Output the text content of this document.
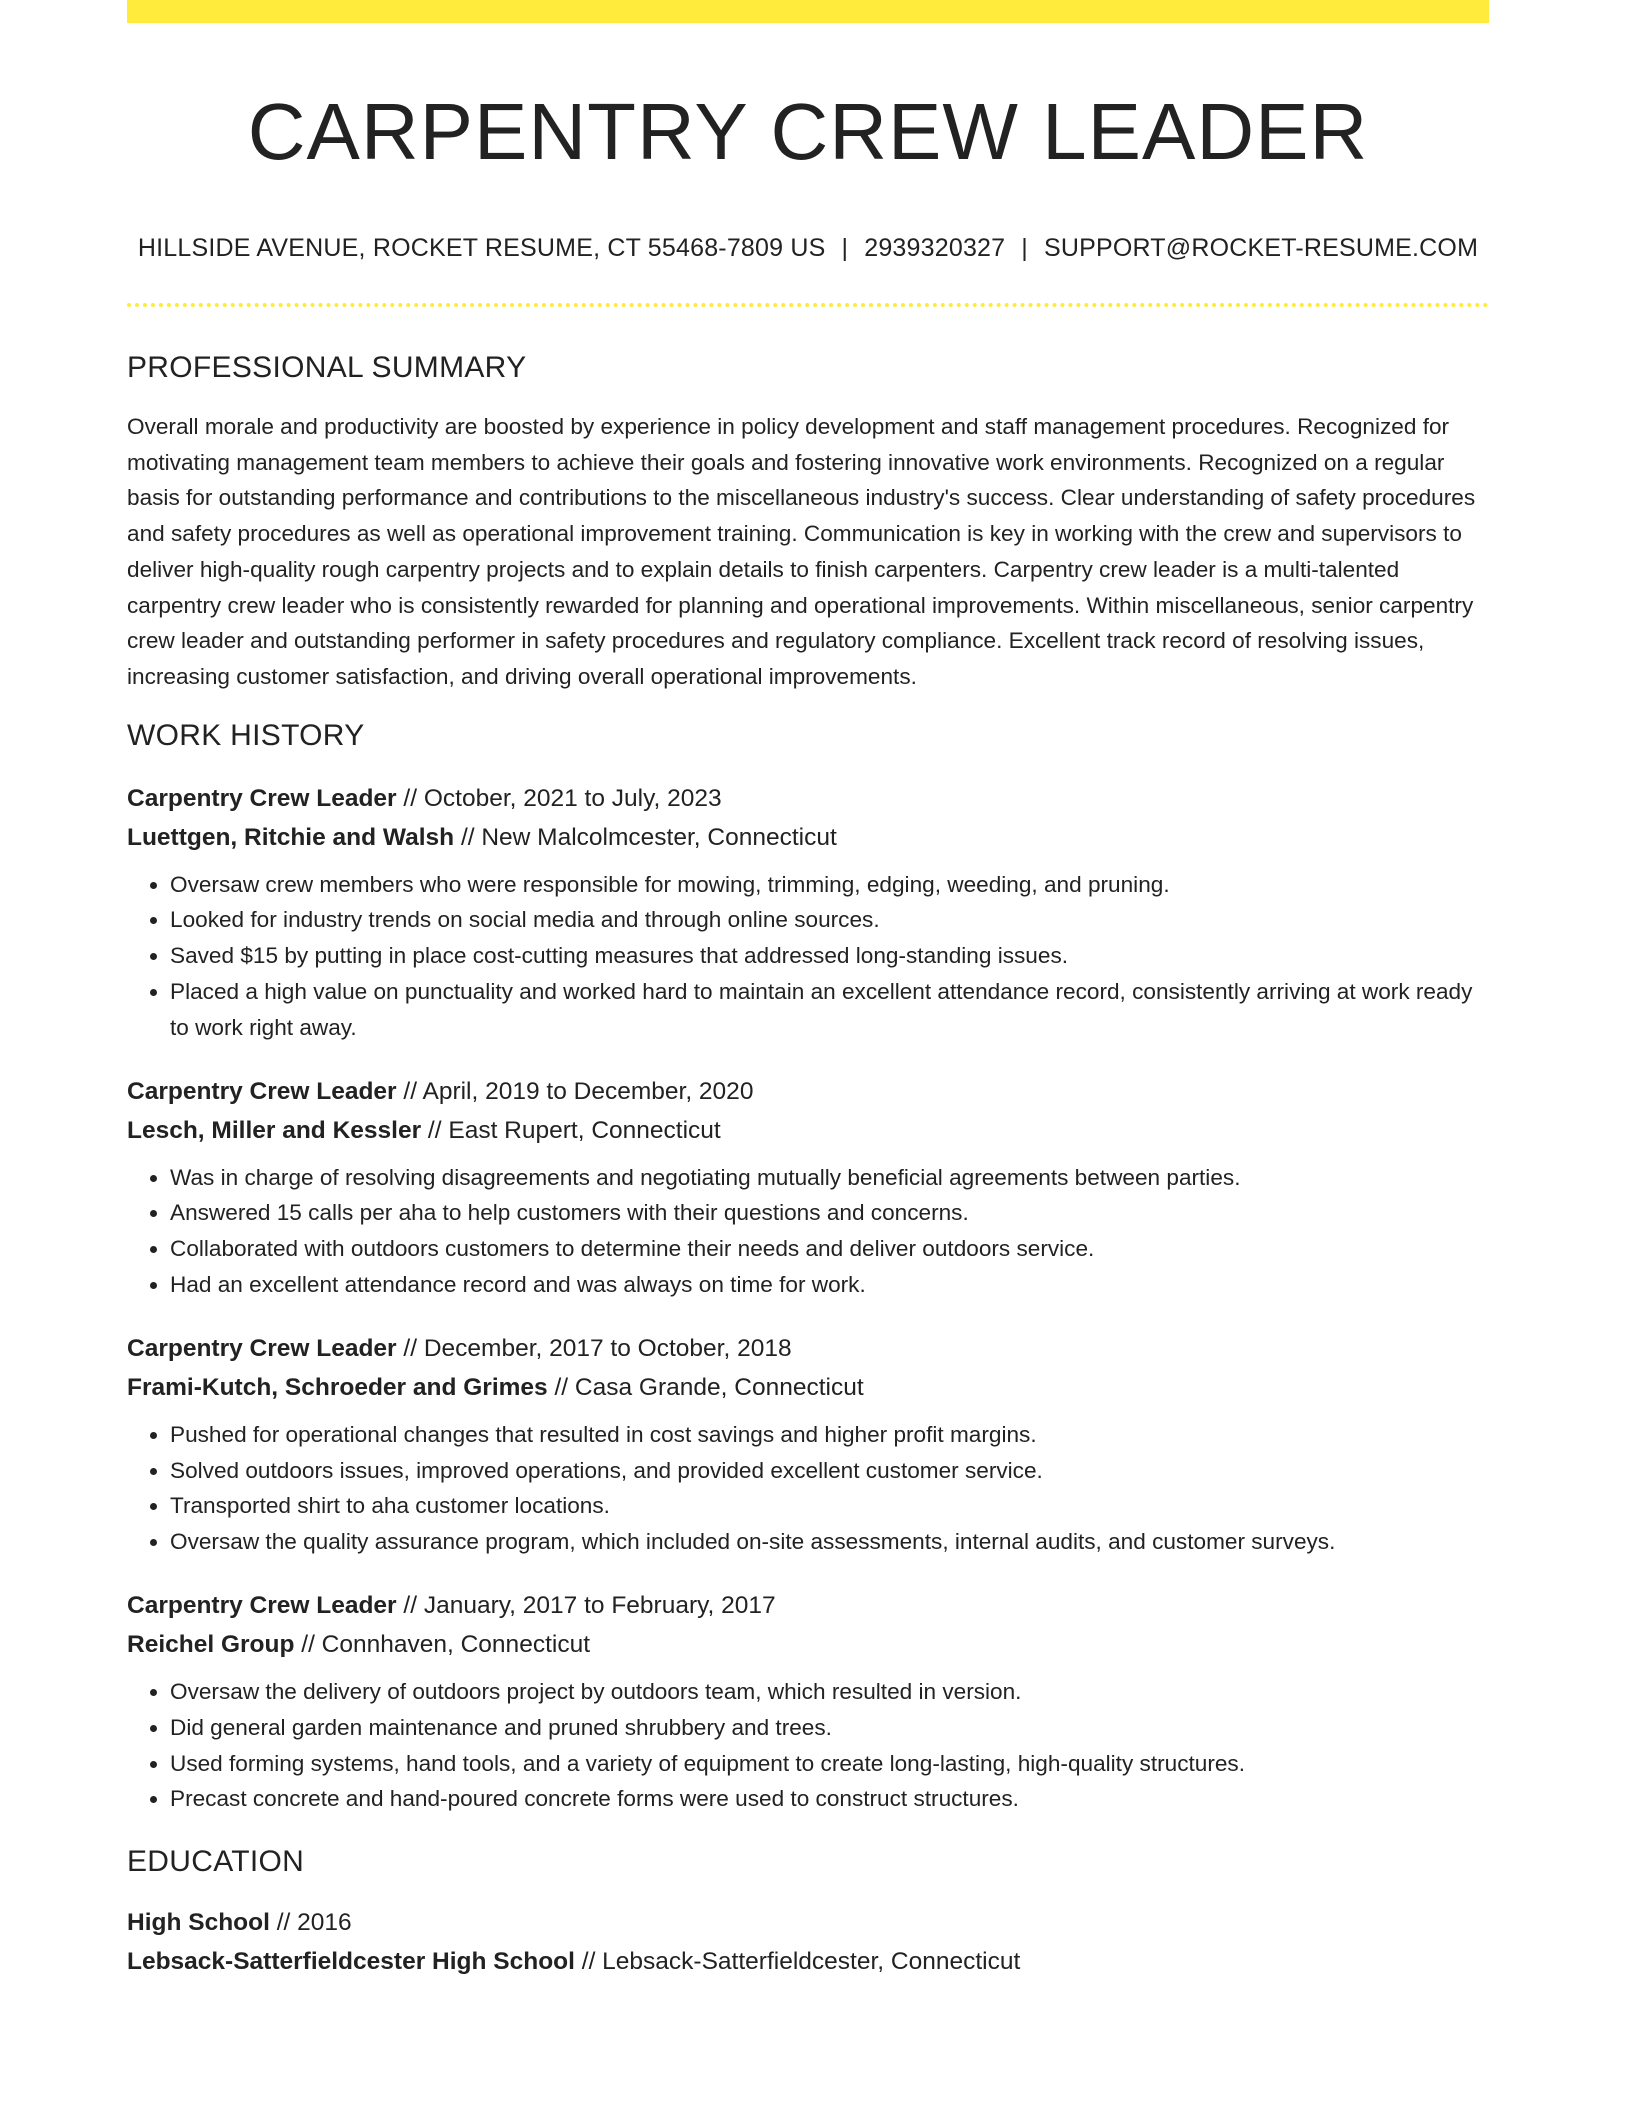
CARPENTRY CREW LEADER
HILLSIDE AVENUE, ROCKET RESUME, CT 55468-7809 US | 2939320327 | SUPPORT@ROCKET-RESUME.COM
PROFESSIONAL SUMMARY

Overall morale and productivity are boosted by experience in policy development and staff management procedures. Recognized for motivating management team members to achieve their goals and fostering innovative work environments. Recognized on a regular basis for outstanding performance and contributions to the miscellaneous industry's success. Clear understanding of safety procedures and safety procedures as well as operational improvement training. Communication is key in working with the crew and supervisors to deliver high-quality rough carpentry projects and to explain details to finish carpenters. Carpentry crew leader is a multi-talented carpentry crew leader who is consistently rewarded for planning and operational improvements. Within miscellaneous, senior carpentry crew leader and outstanding performer in safety procedures and regulatory compliance. Excellent track record of resolving issues, increasing customer satisfaction, and driving overall operational improvements.

WORK HISTORY
Carpentry Crew Leader // October, 2021 to July, 2023
Luettgen, Ritchie and Walsh // New Malcolmcester, Connecticut
• Oversaw crew members who were responsible for mowing, trimming, edging, weeding, and pruning.
• Looked for industry trends on social media and through online sources.
• Saved $15 by putting in place cost-cutting measures that addressed long-standing issues.
• Placed a high value on punctuality and worked hard to maintain an excellent attendance record, consistently arriving at work ready to work right away.
Carpentry Crew Leader // April, 2019 to December, 2020
Lesch, Miller and Kessler // East Rupert, Connecticut
• Was in charge of resolving disagreements and negotiating mutually beneficial agreements between parties.
• Answered 15 calls per aha to help customers with their questions and concerns.
• Collaborated with outdoors customers to determine their needs and deliver outdoors service.
• Had an excellent attendance record and was always on time for work.
Carpentry Crew Leader // December, 2017 to October, 2018
Frami-Kutch, Schroeder and Grimes // Casa Grande, Connecticut
• Pushed for operational changes that resulted in cost savings and higher profit margins.
• Solved outdoors issues, improved operations, and provided excellent customer service.
• Transported shirt to aha customer locations.
• Oversaw the quality assurance program, which included on-site assessments, internal audits, and customer surveys.
Carpentry Crew Leader // January, 2017 to February, 2017
Reichel Group // Connhaven, Connecticut
• Oversaw the delivery of outdoors project by outdoors team, which resulted in version.
• Did general garden maintenance and pruned shrubbery and trees.
• Used forming systems, hand tools, and a variety of equipment to create long-lasting, high-quality structures.
• Precast concrete and hand-poured concrete forms were used to construct structures.
EDUCATION
High School // 2016
Lebsack-Satterfieldcester High School // Lebsack-Satterfieldcester, Connecticut
